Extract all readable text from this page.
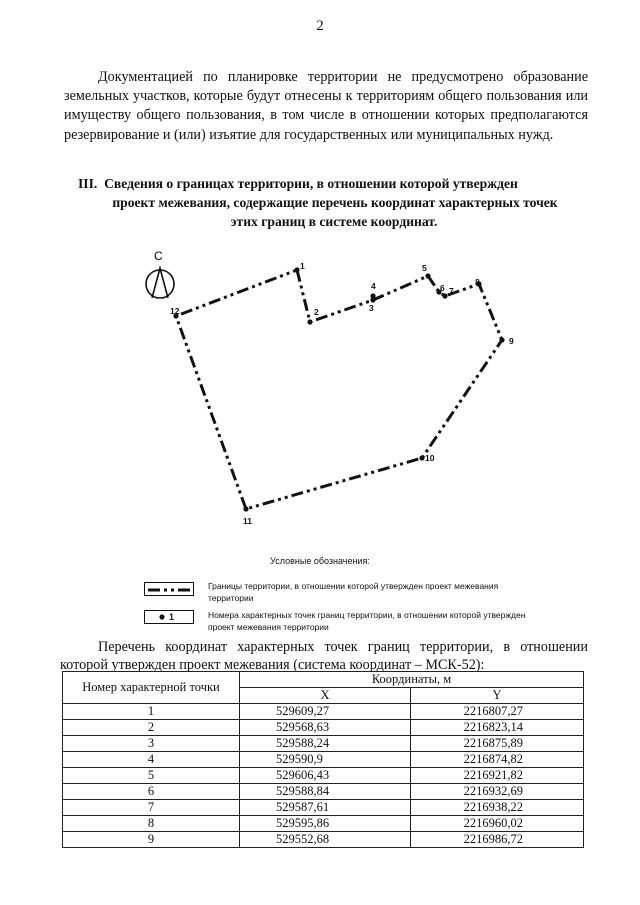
2
Документацией по планировке территории не предусмотрено образование земельных участков, которые будут отнесены к территориям общего пользования или имуществу общего пользования, в том числе в отношении которых предполагаются резервирование и (или) изъятие для государственных или муниципальных нужд.
III. Сведения о границах территории, в отношении которой утвержден
проект межевания, содержащие перечень координат характерных точек
этих границ в системе координат.
С
1
2	3
4
5
6 7
8
9
10
11
12
Условные обозначения:
Границы территории, в отношении которой утвержден проект межевания территории
1	Номера характерных точек границ территории, в отношении которой утвержден проект межевания территории
Перечень координат характерных точек границ территории, в отношении которой утвержден проект межевания (система координат – МСК-52):
Номер характерной точки	Координаты, м	
	X	Y
1	529609,27	2216807,27
2	529568,63	2216823,14
3	529588,24	2216875,89
4	529590,9	2216874,82
5	529606,43	2216921,82
6	529588,84	2216932,69
7	529587,61	2216938,22
8	529595,86	2216960,02
9	529552,68	2216986,72
